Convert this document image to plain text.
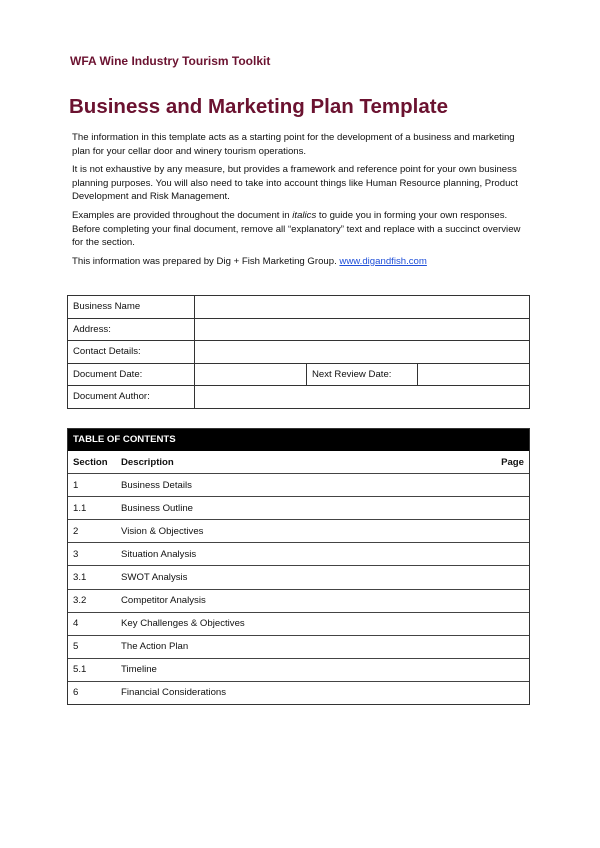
WFA Wine Industry Tourism Toolkit
Business and Marketing Plan Template

The information in this template acts as a starting point for the development of a business and marketing plan for your cellar door and winery tourism operations.

It is not exhaustive by any measure, but provides a framework and reference point for your own business planning purposes. You will also need to take into account things like Human Resource planning, Product Development and Risk Management.

Examples are provided throughout the document in italics to guide you in forming your own responses. Before completing your final document, remove all “explanatory” text and replace with a succinct overview for the section.

This information was prepared by Dig + Fish Marketing Group. www.digandfish.com

Business Name			
Address:			
Contact Details:			
Document Date:		Next Review Date:	
Document Author:			
TABLE OF CONTENTS
Section	Description	Page
1	Business Details	
1.1	Business Outline	
2	Vision & Objectives	
3	Situation Analysis	
3.1	SWOT Analysis	
3.2	Competitor Analysis	
4	Key Challenges & Objectives	
5	The Action Plan	
5.1	Timeline	
6	Financial Considerations	
